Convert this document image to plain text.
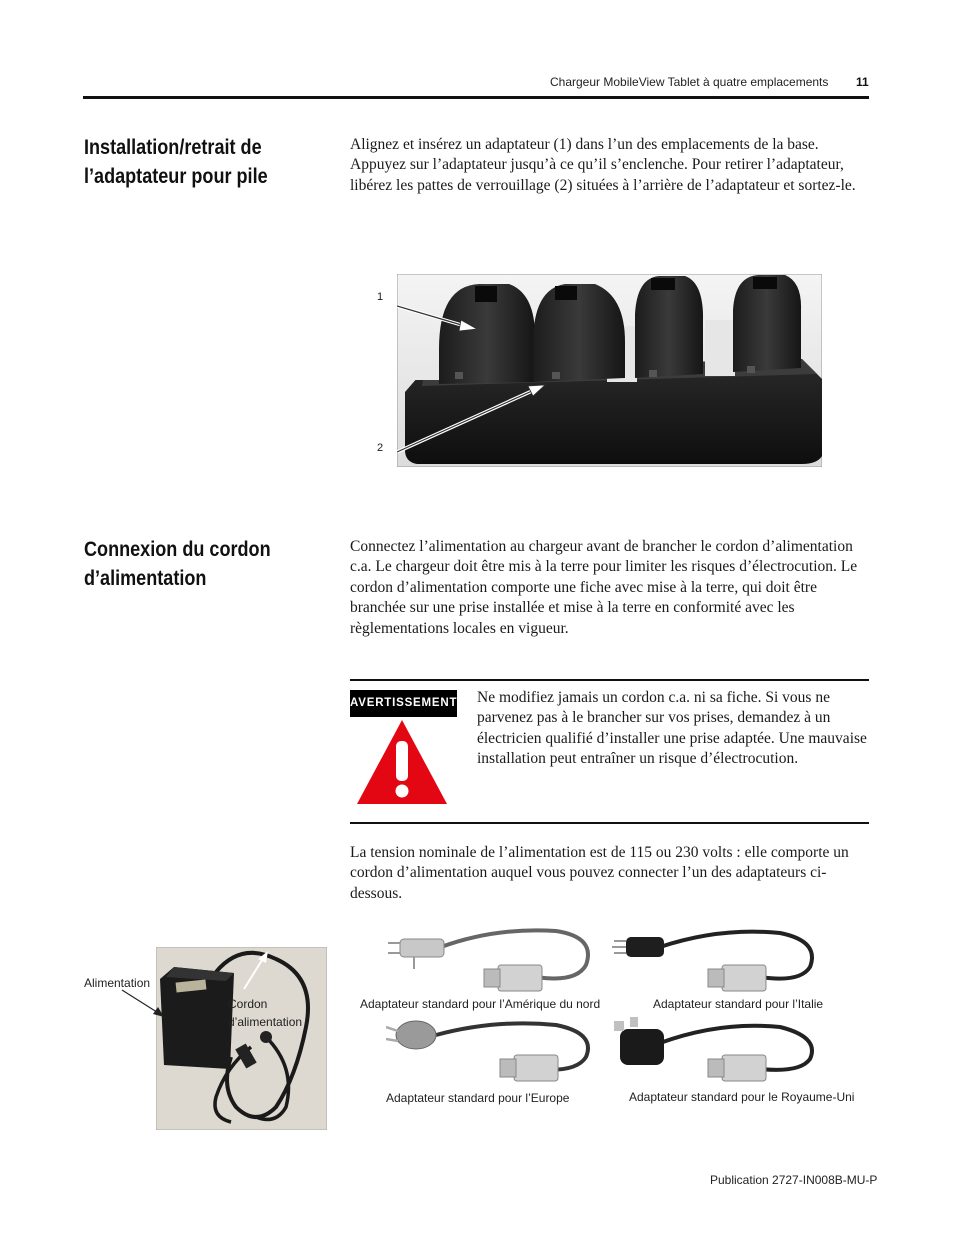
Chargeur MobileView Tablet à quatre emplacements 11
Installation/retrait de
l’adaptateur pour pile
Alignez et insérez un adaptateur (1) dans l’un des emplacements de la base. Appuyez sur l’adaptateur jusqu’à ce qu’il s’enclenche. Pour retirer l’adaptateur, libérez les pattes de verrouillage (2) situées à l’arrière de l’adaptateur et sortez-le.
1
2
Connexion du cordon
d’alimentation
Connectez l’alimentation au chargeur avant de brancher le cordon d’alimentation c.a. Le chargeur doit être mis à la terre pour limiter les risques d’électrocution. Le cordon d’alimentation comporte une fiche avec mise à la terre, qui doit être branchée sur une prise installée et mise à la terre en conformité avec les règlementations locales en vigueur.
AVERTISSEMENT Ne modifiez jamais un cordon c.a. ni sa fiche. Si vous ne parvenez pas à le brancher sur vos prises, demandez à un électricien qualifié d’installer une prise adaptée. Une mauvaise installation peut entraîner un risque d’électrocution.
La tension nominale de l’alimentation est de 115 ou 230 volts : elle comporte un cordon d’alimentation auquel vous pouvez connecter l’un des adaptateurs ci-dessous.
Alimentation
Cordon
d’alimentation
Adaptateur standard pour l’Amérique du nord	Adaptateur standard pour l’Italie
Adaptateur standard pour l’Europe	Adaptateur standard pour le Royaume-Uni
Publication 2727-IN008B-MU-P
